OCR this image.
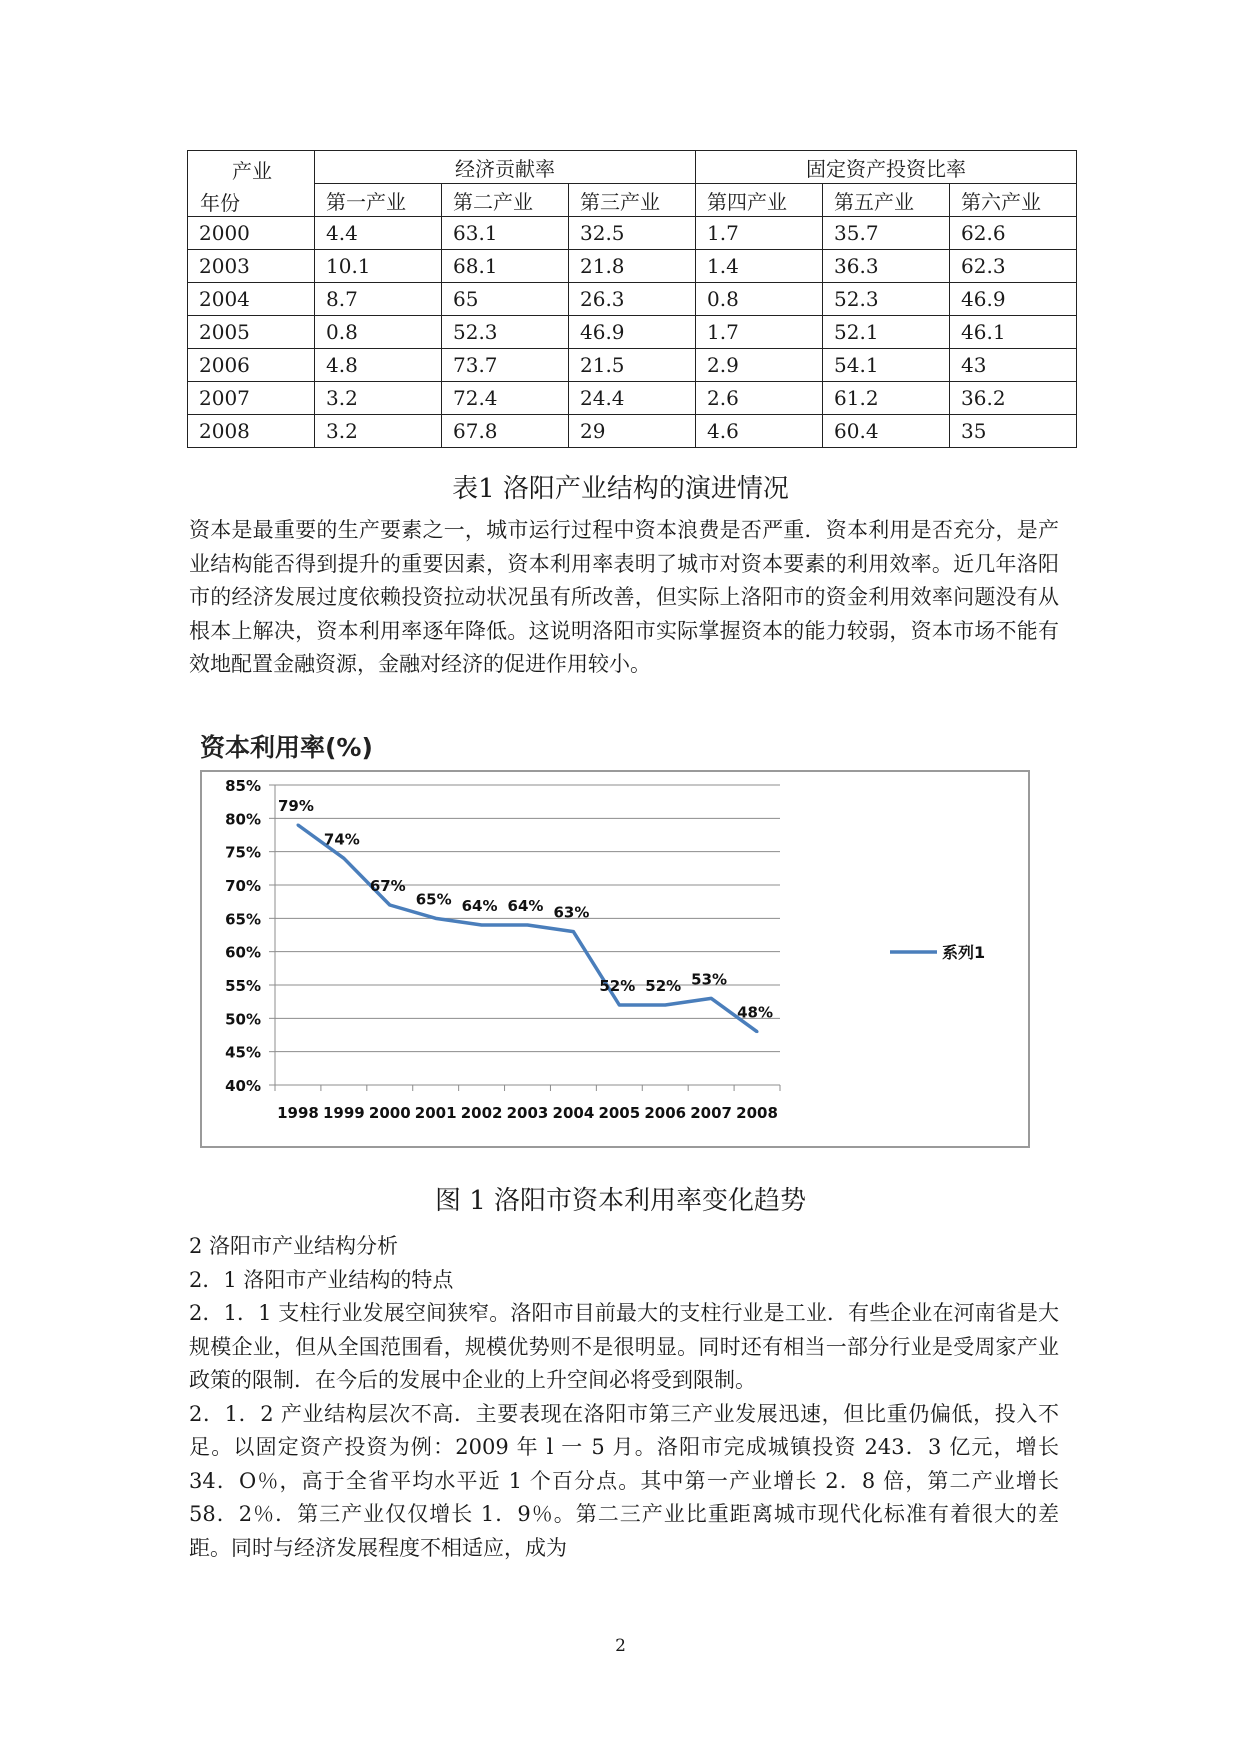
产业
年份	经济贡献率			固定资产投资比率		
	第一产业	第二产业	第三产业	第四产业	第五产业	第六产业
2000	4.4	63.1	32.5	1.7	35.7	62.6
2003	10.1	68.1	21.8	1.4	36.3	62.3
2004	8.7	65	26.3	0.8	52.3	46.9
2005	0.8	52.3	46.9	1.7	52.1	46.1
2006	4.8	73.7	21.5	2.9	54.1	43
2007	3.2	72.4	24.4	2.6	61.2	36.2
2008	3.2	67.8	29	4.6	60.4	35
表1 洛阳产业结构的演进情况

资本是最重要的生产要素之一，城市运行过程中资本浪费是否严重．资本利用是否充分，是产业结构能否得到提升的重要因素，资本利用率表明了城市对资本要素的利用效率。近几年洛阳市的经济发展过度依赖投资拉动状况虽有所改善，但实际上洛阳市的资金利用效率问题没有从根本上解决，资本利用率逐年降低。这说明洛阳市实际掌握资本的能力较弱，资本市场不能有效地配置金融资源，金融对经济的促进作用较小。

资本利用率(%)
40%
45%
50%
55%
60%
65%
70%
75%
80%
85%
1998 1999 2000 2001 2002 2003 2004 2005 2006 2007 2008
79%
74%
67%
65% 64% 64% 63%
52% 52% 53%
48%
系列1
图 1 洛阳市资本利用率变化趋势

2 洛阳市产业结构分析

2．1 洛阳市产业结构的特点

2．1．1 支柱行业发展空间狭窄。洛阳市目前最大的支柱行业是工业．有些企业在河南省是大规模企业，但从全国范围看，规模优势则不是很明显。同时还有相当一部分行业是受周家产业政策的限制．在今后的发展中企业的上升空间必将受到限制。

2．1．2 产业结构层次不高．主要表现在洛阳市第三产业发展迅速，但比重仍偏低，投入不足。以固定资产投资为例：2009 年 l 一 5 月。洛阳市完成城镇投资 243．3 亿元，增长 34．O％，高于全省平均水平近 1 个百分点。其中第一产业增长 2．8 倍，第二产业增长 58．2％．第三产业仅仅增长 1．9％。第二三产业比重距离城市现代化标准有着很大的差距。同时与经济发展程度不相适应，成为

2
